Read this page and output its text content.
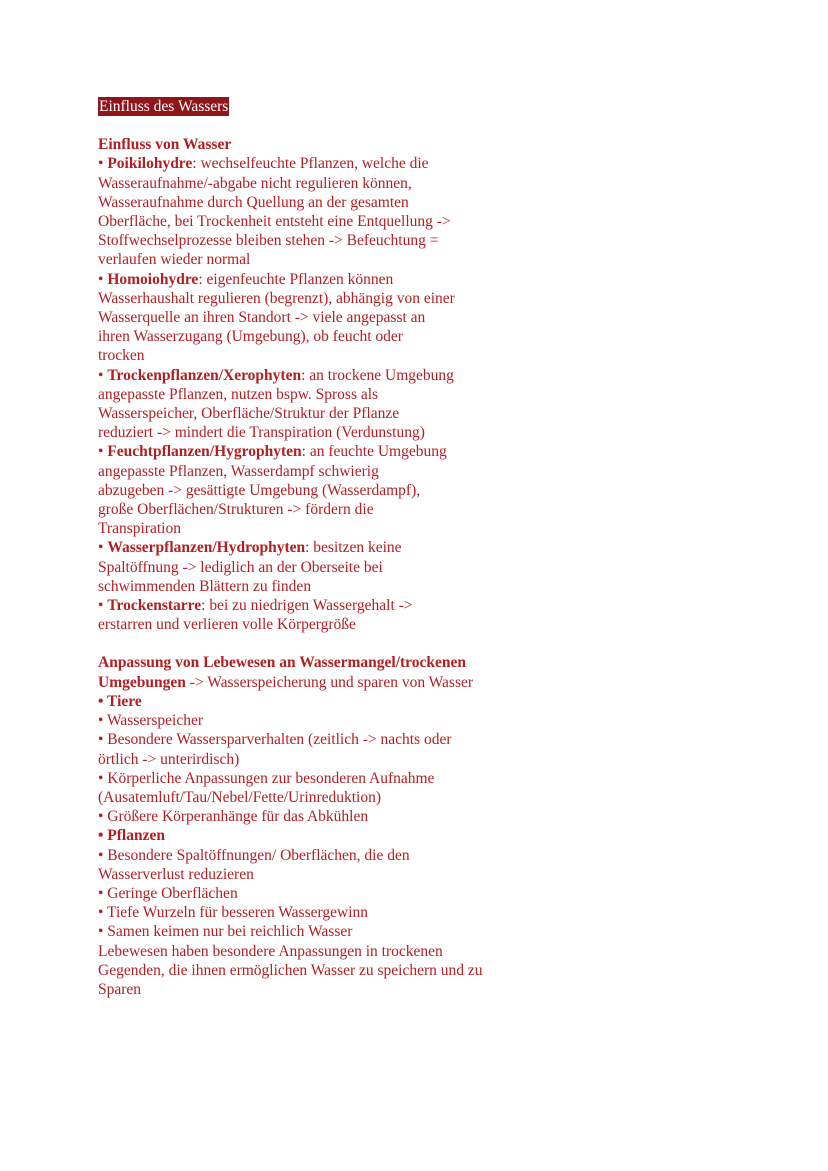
Einfluss des Wassers
Einfluss von Wasser
• Poikilohydre: wechselfeuchte Pflanzen, welche die
Wasseraufnahme/-abgabe nicht regulieren können,
Wasseraufnahme durch Quellung an der gesamten
Oberfläche, bei Trockenheit entsteht eine Entquellung ->
Stoffwechselprozesse bleiben stehen -> Befeuchtung =
verlaufen wieder normal
• Homoiohydre: eigenfeuchte Pflanzen können
Wasserhaushalt regulieren (begrenzt), abhängig von einer
Wasserquelle an ihren Standort -> viele angepasst an
ihren Wasserzugang (Umgebung), ob feucht oder
trocken
• Trockenpflanzen/Xerophyten: an trockene Umgebung
angepasste Pflanzen, nutzen bspw. Spross als
Wasserspeicher, Oberfläche/Struktur der Pflanze
reduziert -> mindert die Transpiration (Verdunstung)
• Feuchtpflanzen/Hygrophyten: an feuchte Umgebung
angepasste Pflanzen, Wasserdampf schwierig
abzugeben -> gesättigte Umgebung (Wasserdampf),
große Oberflächen/Strukturen -> fördern die
Transpiration
• Wasserpflanzen/Hydrophyten: besitzen keine
Spaltöffnung -> lediglich an der Oberseite bei
schwimmenden Blättern zu finden
• Trockenstarre: bei zu niedrigen Wassergehalt ->
erstarren und verlieren volle Körpergröße
Anpassung von Lebewesen an Wassermangel/trockenen
Umgebungen -> Wasserspeicherung und sparen von Wasser
• Tiere
• Wasserspeicher
• Besondere Wassersparverhalten (zeitlich -> nachts oder
örtlich -> unterirdisch)
• Körperliche Anpassungen zur besonderen Aufnahme
(Ausatemluft/Tau/Nebel/Fette/Urinreduktion)
• Größere Körperanhänge für das Abkühlen
• Pflanzen
• Besondere Spaltöffnungen/ Oberflächen, die den
Wasserverlust reduzieren
• Geringe Oberflächen
• Tiefe Wurzeln für besseren Wassergewinn
• Samen keimen nur bei reichlich Wasser
Lebewesen haben besondere Anpassungen in trockenen
Gegenden, die ihnen ermöglichen Wasser zu speichern und zu
Sparen
